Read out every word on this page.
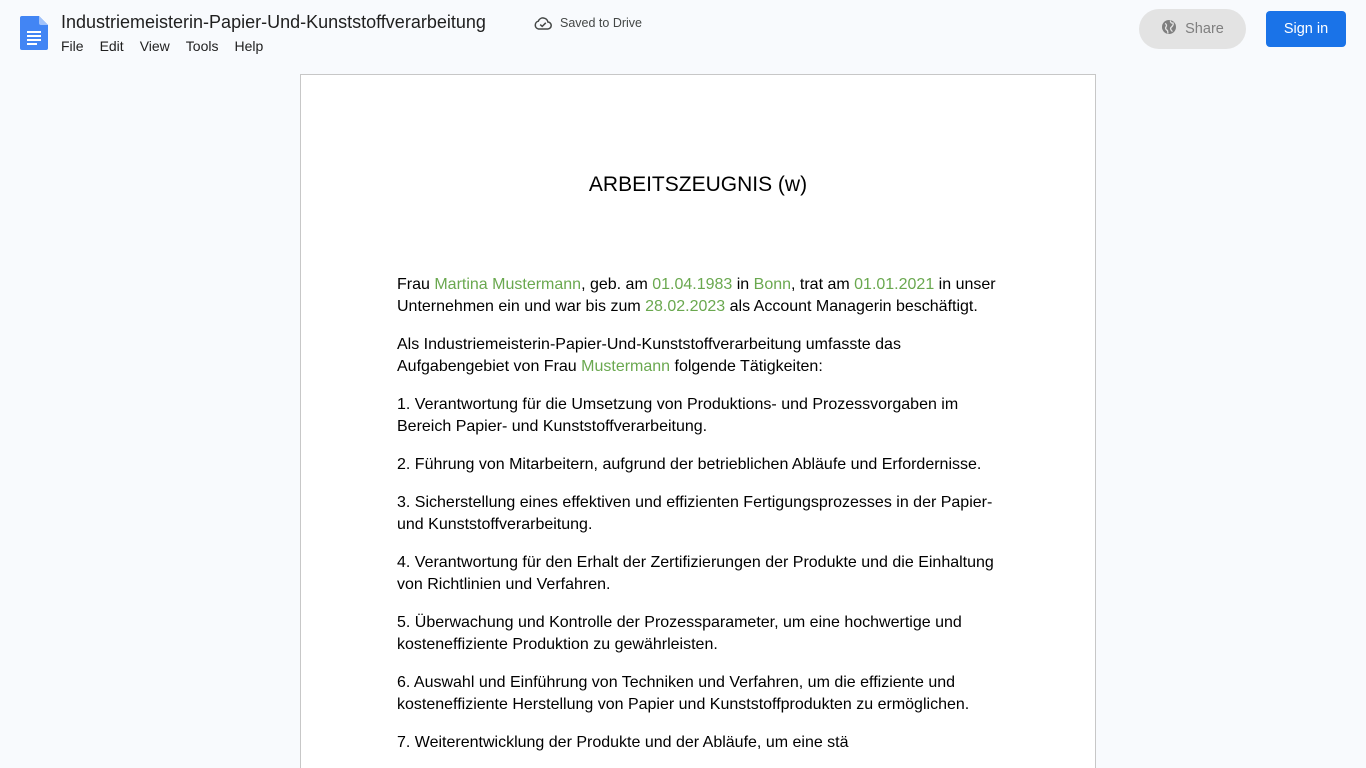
Industriemeisterin-Papier-Und-Kunststoffverarbeitung	Saved to Drive
File	Edit	View	Tools	Help
Share	Sign in
ARBEITSZEUGNIS (w)

Frau Martina Mustermann, geb. am 01.04.1983 in Bonn, trat am 01.01.2021 in unser Unternehmen ein und war bis zum 28.02.2023 als Account Managerin beschäftigt.

Als Industriemeisterin-Papier-Und-Kunststoffverarbeitung umfasste das Aufgabengebiet von Frau Mustermann folgende Tätigkeiten:

1. Verantwortung für die Umsetzung von Produktions- und Prozessvorgaben im Bereich Papier- und Kunststoffverarbeitung.

2. Führung von Mitarbeitern, aufgrund der betrieblichen Abläufe und Erfordernisse.

3. Sicherstellung eines effektiven und effizienten Fertigungsprozesses in der Papier- und Kunststoffverarbeitung.

4. Verantwortung für den Erhalt der Zertifizierungen der Produkte und die Einhaltung von Richtlinien und Verfahren.

5. Überwachung und Kontrolle der Prozessparameter, um eine hochwertige und kosteneffiziente Produktion zu gewährleisten.

6. Auswahl und Einführung von Techniken und Verfahren, um die effiziente und kosteneffiziente Herstellung von Papier und Kunststoffprodukten zu ermöglichen.

7. Weiterentwicklung der Produkte und der Abläufe, um eine stä
